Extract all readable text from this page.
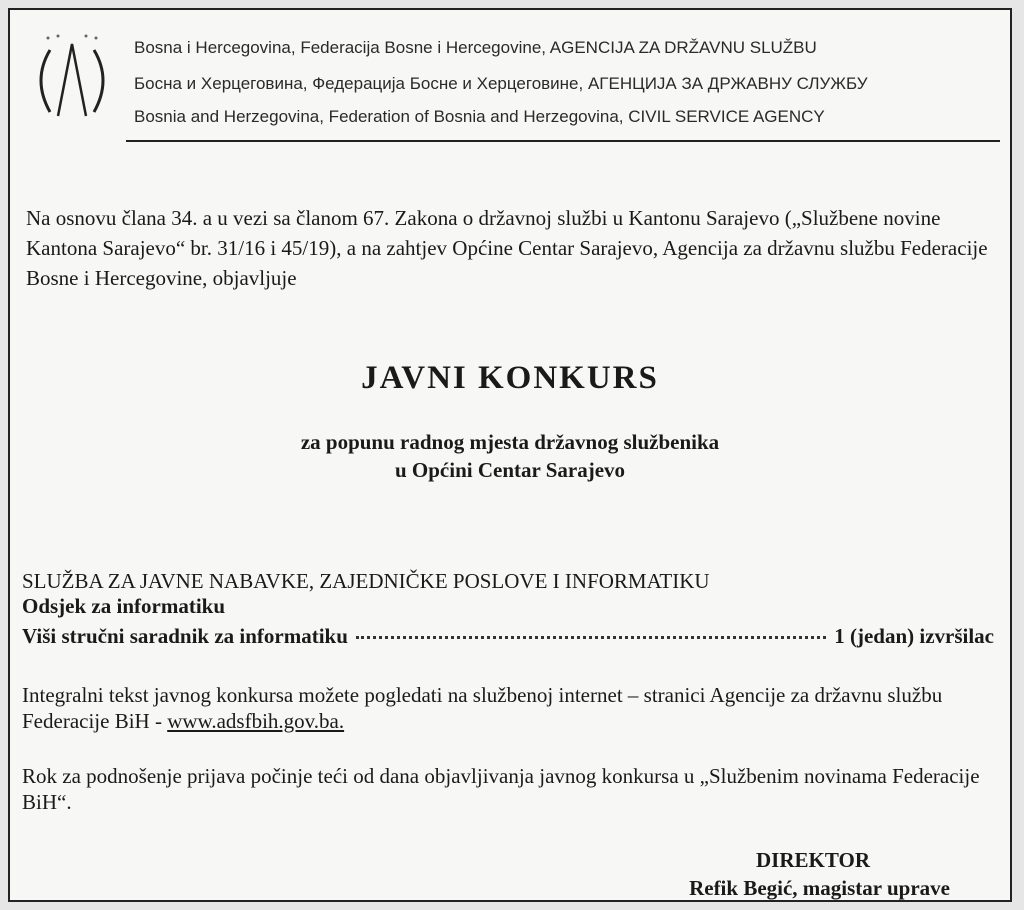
Bosna i Hercegovina, Federacija Bosne i Hercegovine, AGENCIJA ZA DRŽAVNU SLUŽBU
Босна и Херцеговина, Федерација Босне и Херцеговине, АГЕНЦИЈА ЗА ДРЖАВНУ СЛУЖБУ
Bosnia and Herzegovina, Federation of Bosnia and Herzegovina, CIVIL SERVICE AGENCY

Na osnovu člana 34. a u vezi sa članom 67. Zakona o državnoj službi u Kantonu Sarajevo („Službene novine Kantona Sarajevo“ br. 31/16 i 45/19), a na zahtjev Općine Centar Sarajevo, Agencija za državnu službu Federacije Bosne i Hercegovine, objavljuje

JAVNI KONKURS
za popunu radnog mjesta državnog službenika
u Općini Centar Sarajevo
SLUŽBA ZA JAVNE NABAVKE, ZAJEDNIČKE POSLOVE I INFORMATIKU
Odsjek za informatiku
Viši stručni saradnik za informatiku	1 (jedan) izvršilac

Integralni tekst javnog konkursa možete pogledati na službenoj internet – stranici Agencije za državnu službu Federacije BiH - www.adsfbih.gov.ba.

Rok za podnošenje prijava počinje teći od dana objavljivanja javnog konkursa u „Službenim novinama Federacije BiH“.

DIREKTOR
Refik Begić, magistar uprave
